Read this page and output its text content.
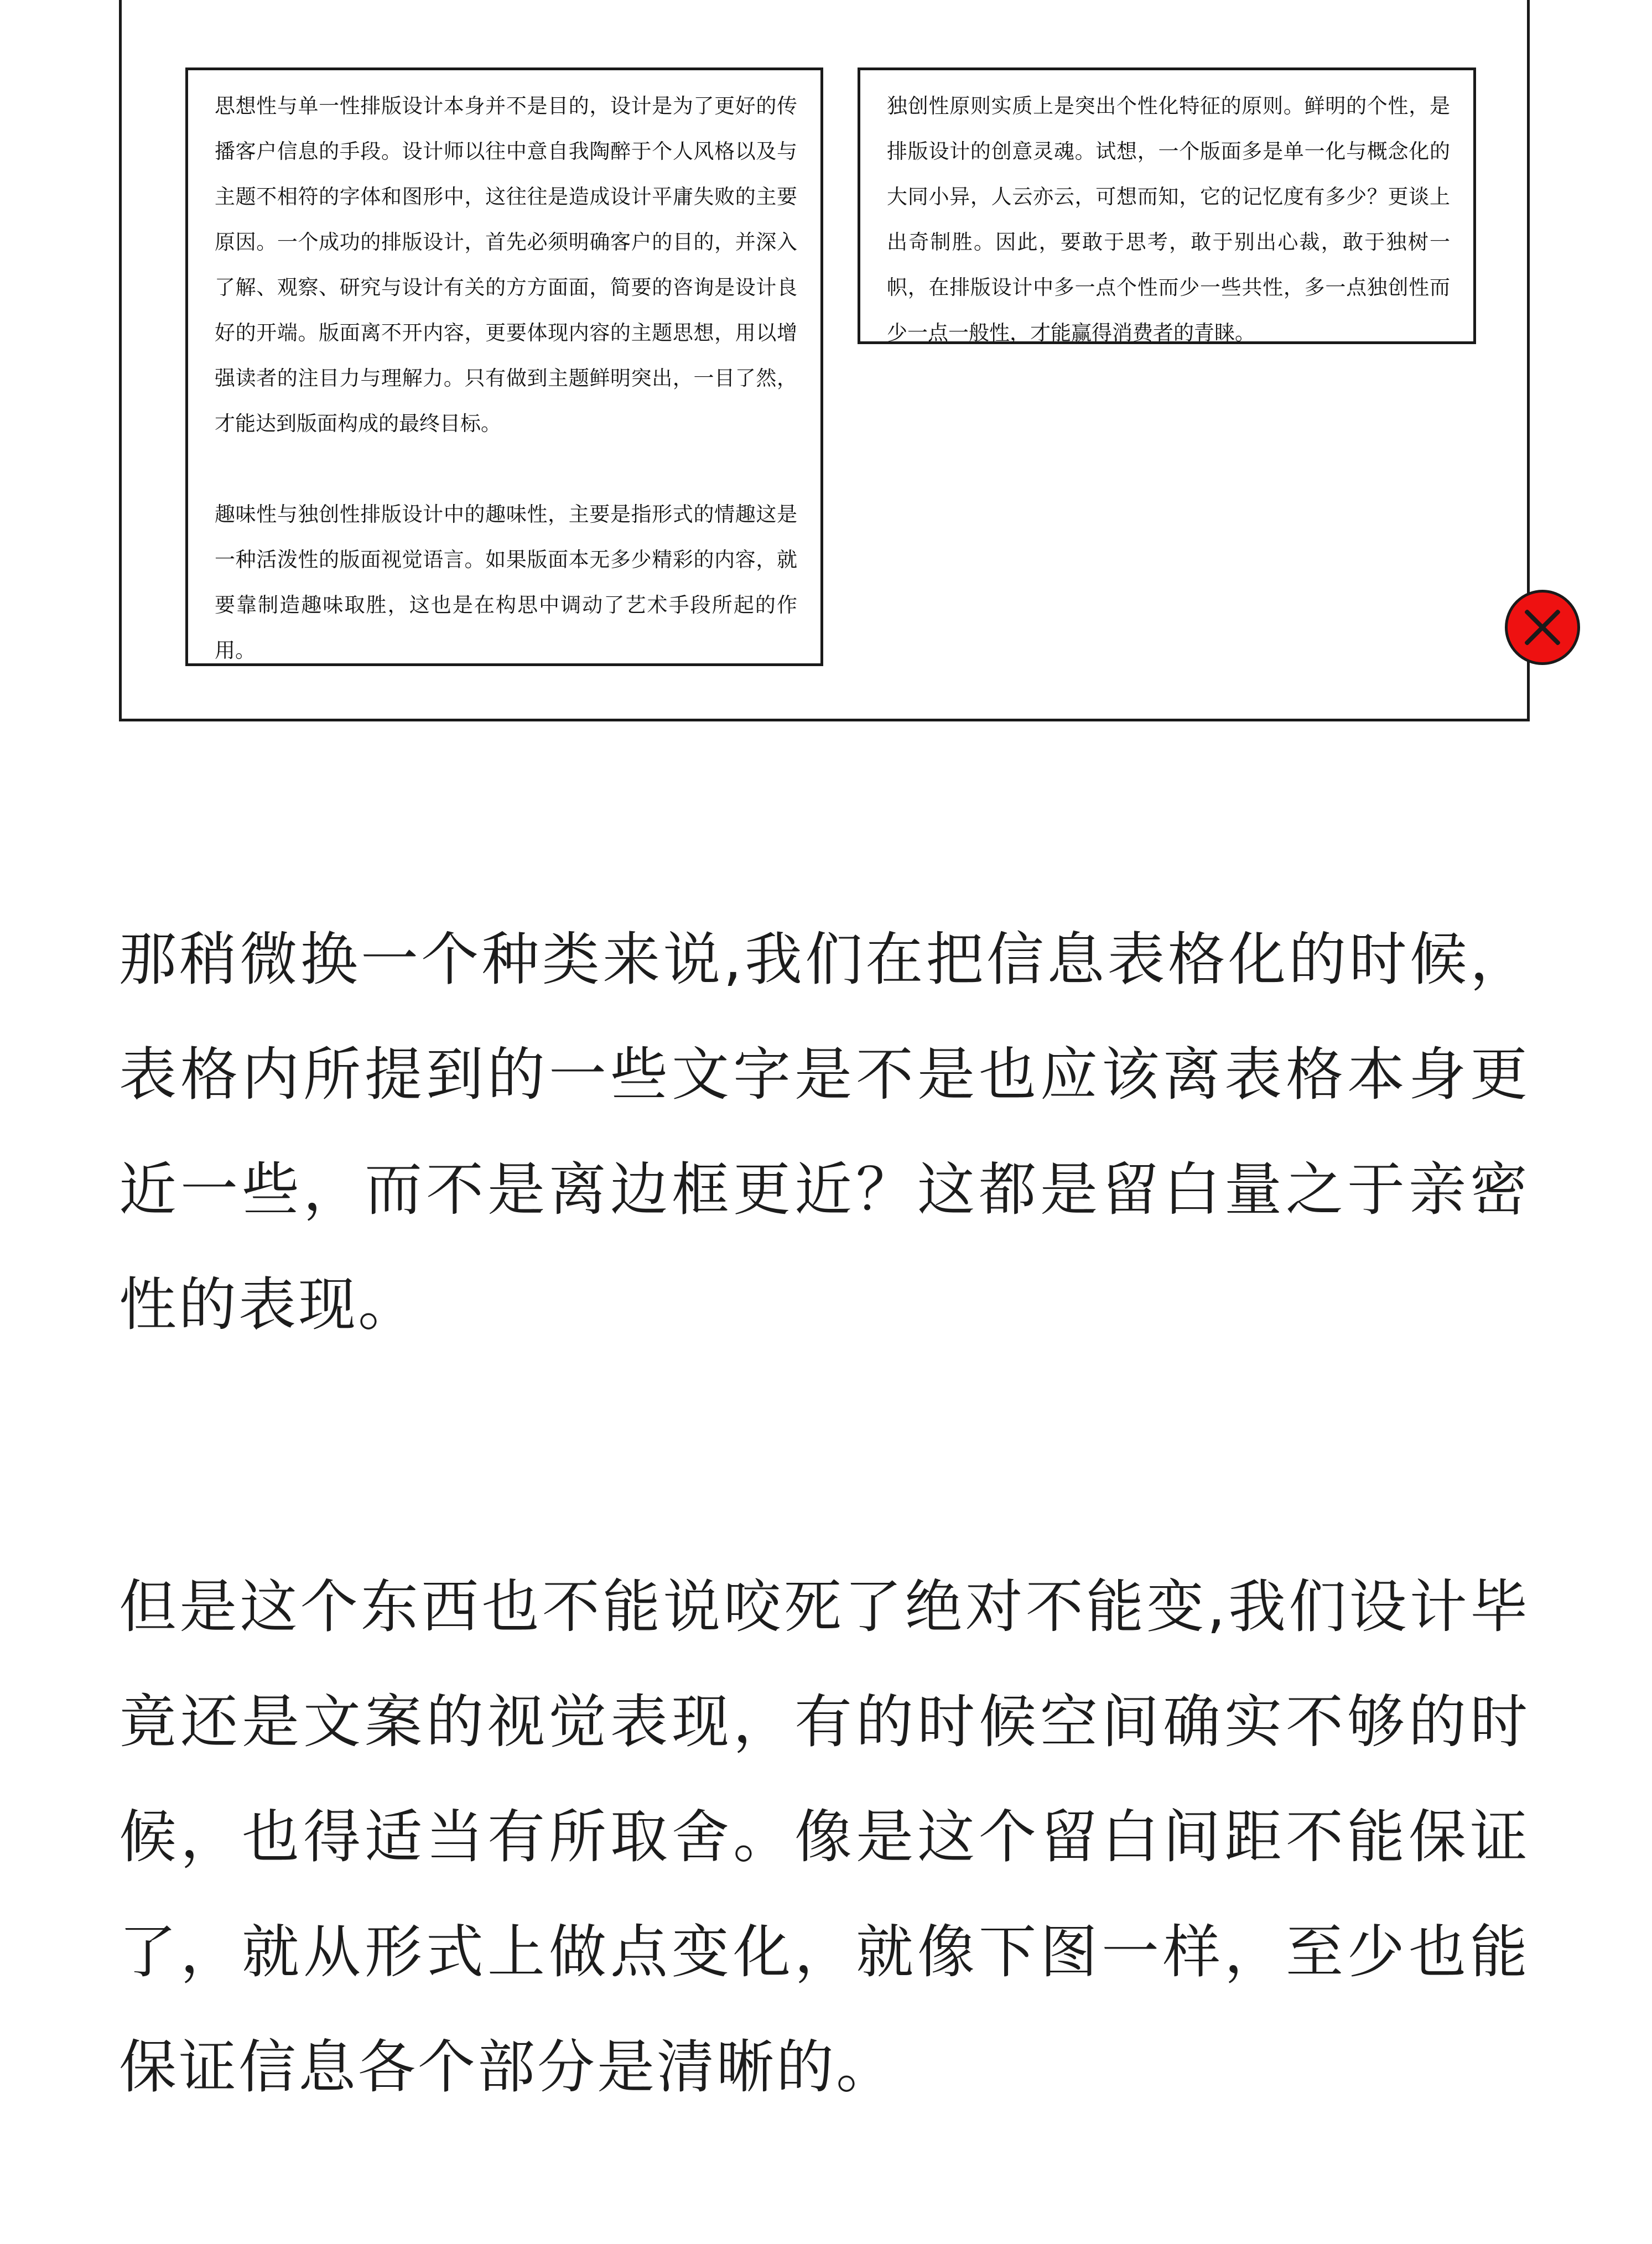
思想性与单一性排版设计本身并不是目的，设计是为了更好的传播客户信息的手段。设计师以往中意自我陶醉于个人风格以及与主题不相符的字体和图形中，这往往是造成设计平庸失败的主要原因。一个成功的排版设计，首先必须明确客户的目的，并深入了解、观察、研究与设计有关的方方面面，简要的咨询是设计良好的开端。版面离不开内容，更要体现内容的主题思想，用以增强读者的注目力与理解力。只有做到主题鲜明突出，一目了然，才能达到版面构成的最终目标。

趣味性与独创性排版设计中的趣味性，主要是指形式的情趣这是一种活泼性的版面视觉语言。如果版面本无多少精彩的内容，就要靠制造趣味取胜，这也是在构思中调动了艺术手段所起的作用。

独创性原则实质上是突出个性化特征的原则。鲜明的个性，是排版设计的创意灵魂。试想，一个版面多是单一化与概念化的大同小异，人云亦云，可想而知，它的记忆度有多少？更谈上出奇制胜。因此，要敢于思考，敢于别出心裁，敢于独树一帜，在排版设计中多一点个性而少一些共性，多一点独创性而少一点一般性，才能赢得消费者的青睐。

那稍微换一个种类来说,我们在把信息表格化的时候，表格内所提到的一些文字是不是也应该离表格本身更近一些，而不是离边框更近？这都是留白量之于亲密性的表现。

但是这个东西也不能说咬死了绝对不能变,我们设计毕竟还是文案的视觉表现，有的时候空间确实不够的时候，也得适当有所取舍。像是这个留白间距不能保证了，就从形式上做点变化，就像下图一样，至少也能保证信息各个部分是清晰的。
